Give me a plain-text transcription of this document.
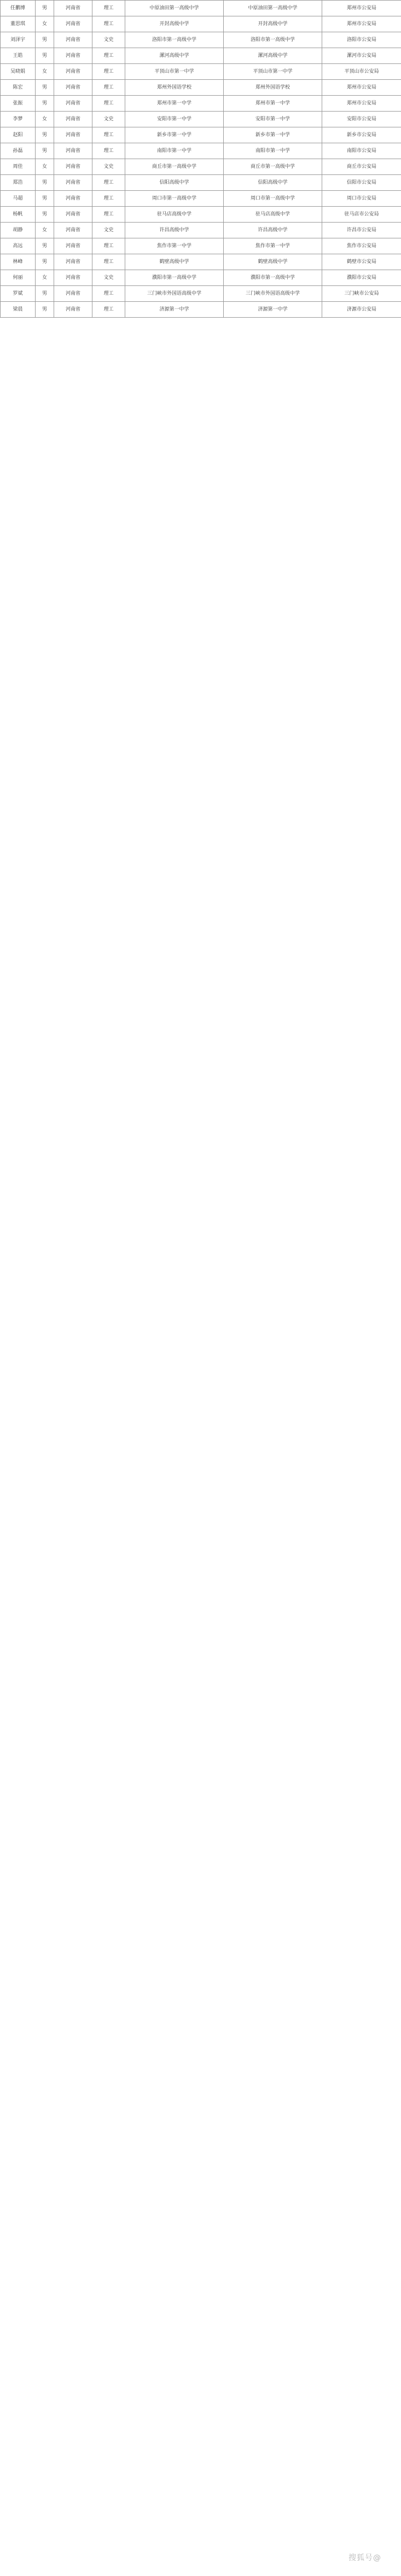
任鹏博	男	河南省	理工	中原油田第一高级中学	中原油田第一高级中学	郑州市公安局
董思琪	女	河南省	理工	开封高级中学	开封高级中学	郑州市公安局
刘泽宇	男	河南省	文史	洛阳市第一高级中学	洛阳市第一高级中学	洛阳市公安局
王皓	男	河南省	理工	漯河高级中学	漯河高级中学	漯河市公安局
吴晓娟	女	河南省	理工	平顶山市第一中学	平顶山市第一中学	平顶山市公安局
陈宏	男	河南省	理工	郑州外国语学校	郑州外国语学校	郑州市公安局
张振	男	河南省	理工	郑州市第一中学	郑州市第一中学	郑州市公安局
李梦	女	河南省	文史	安阳市第一中学	安阳市第一中学	安阳市公安局
赵阳	男	河南省	理工	新乡市第一中学	新乡市第一中学	新乡市公安局
孙磊	男	河南省	理工	南阳市第一中学	南阳市第一中学	南阳市公安局
周佳	女	河南省	文史	商丘市第一高级中学	商丘市第一高级中学	商丘市公安局
郑浩	男	河南省	理工	信阳高级中学	信阳高级中学	信阳市公安局
马超	男	河南省	理工	周口市第一高级中学	周口市第一高级中学	周口市公安局
杨帆	男	河南省	理工	驻马店高级中学	驻马店高级中学	驻马店市公安局
胡静	女	河南省	文史	许昌高级中学	许昌高级中学	许昌市公安局
高远	男	河南省	理工	焦作市第一中学	焦作市第一中学	焦作市公安局
林峰	男	河南省	理工	鹤壁高级中学	鹤壁高级中学	鹤壁市公安局
何丽	女	河南省	文史	濮阳市第一高级中学	濮阳市第一高级中学	濮阳市公安局
罗斌	男	河南省	理工	三门峡市外国语高级中学	三门峡市外国语高级中学	三门峡市公安局
梁晨	男	河南省	理工	济源第一中学	济源第一中学	济源市公安局
搜狐号@
